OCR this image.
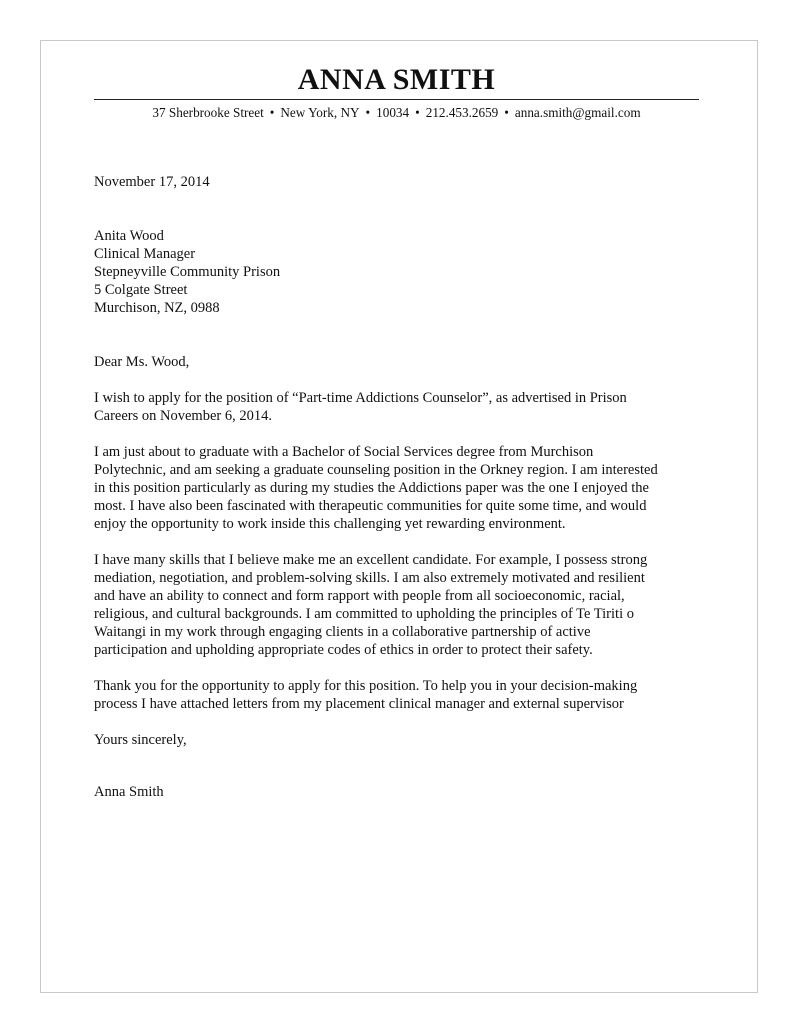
ANNA SMITH
37 Sherbrooke Street • New York, NY • 10034 • 212.453.2659 • anna.smith@gmail.com
November 17, 2014
Anita Wood
Clinical Manager
Stepneyville Community Prison
5 Colgate Street
Murchison, NZ, 0988
Dear Ms. Wood,
I wish to apply for the position of “Part-time Addictions Counselor”, as advertised in Prison
Careers on November 6, 2014.
I am just about to graduate with a Bachelor of Social Services degree from Murchison
Polytechnic, and am seeking a graduate counseling position in the Orkney region. I am interested
in this position particularly as during my studies the Addictions paper was the one I enjoyed the
most. I have also been fascinated with therapeutic communities for quite some time, and would
enjoy the opportunity to work inside this challenging yet rewarding environment.
I have many skills that I believe make me an excellent candidate. For example, I possess strong
mediation, negotiation, and problem-solving skills. I am also extremely motivated and resilient
and have an ability to connect and form rapport with people from all socioeconomic, racial,
religious, and cultural backgrounds. I am committed to upholding the principles of Te Tiriti o
Waitangi in my work through engaging clients in a collaborative partnership of active
participation and upholding appropriate codes of ethics in order to protect their safety.
Thank you for the opportunity to apply for this position. To help you in your decision-making
process I have attached letters from my placement clinical manager and external supervisor
Yours sincerely,
Anna Smith
